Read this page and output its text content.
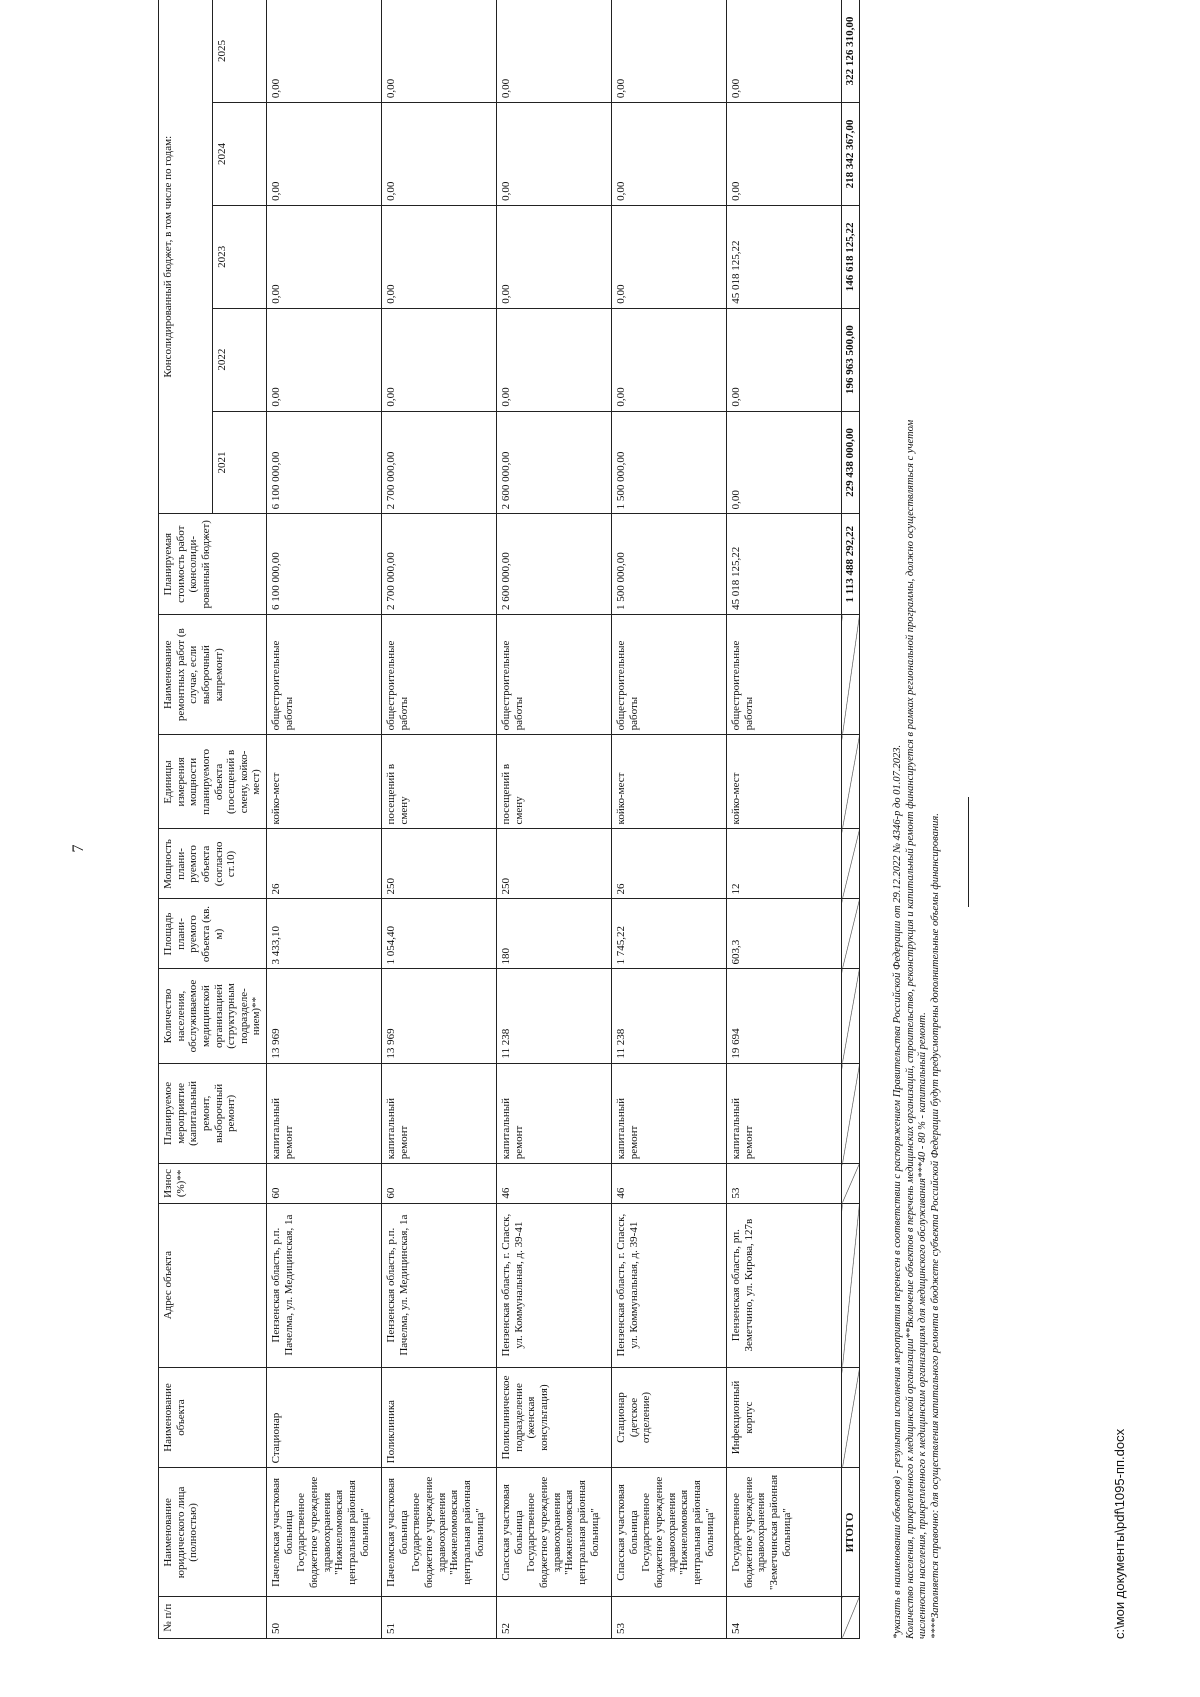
7
№ п/п	Наименование юридического лица (полностью)	Наименование объекта	Адрес объекта	Износ (%)**	Планируемое мероприятие (капитальный ремонт, выборочный ремонт)	Количество населения, обслуживаемое медицинской организацией (структурным подразделе-нием)**	Площадь плани-руемого объекта (кв. м)	Мощность плани-руемого объекта (согласно ст.10)	Единицы измерения мощности планируемого объекта (посещений в смену, койко-мест)	Наименование ремонтных работ (в случае, если выборочный капремонт)	Планируемая стоимость работ (консолиди-рованный бюджет)	Консолидированный бюджет, в том числе по годам:				
												2021	2022	2023	2024	2025
50	Пачелмская участковая больница Государственное бюджетное учреждение здравоохранения "Нижнеломовская центральная районная больница"	Стационар	Пензенская область, р.п. Пачелма, ул. Медицинская, 1а	60	капитальный ремонт	13 969	3 433,10	26	койко-мест	общестроительные работы	6 100 000,00	6 100 000,00	0,00	0,00	0,00	0,00
51	Пачелмская участковая больница Государственное бюджетное учреждение здравоохранения "Нижнеломовская центральная районная больница"	Поликлиника	Пензенская область, р.п. Пачелма, ул. Медицинская, 1а	60	капитальный ремонт	13 969	1 054,40	250	посещений в смену	общестроительные работы	2 700 000,00	2 700 000,00	0,00	0,00	0,00	0,00
52	Спасская участковая больница Государственное бюджетное учреждение здравоохранения "Нижнеломовская центральная районная больница"	Поликлиническое подразделение (женская консультация)	Пензенская область, г. Спасск, ул. Коммунальная, д. 39-41	46	капитальный ремонт	11 238	180	250	посещений в смену	общестроительные работы	2 600 000,00	2 600 000,00	0,00	0,00	0,00	0,00
53	Спасская участковая больница Государственное бюджетное учреждение здравоохранения "Нижнеломовская центральная районная больница"	Стационар (детское отделение)	Пензенская область, г. Спасск, ул. Коммунальная, д. 39-41	46	капитальный ремонт	11 238	1 745,22	26	койко-мест	общестроительные работы	1 500 000,00	1 500 000,00	0,00	0,00	0,00	0,00
54	Государственное бюджетное учреждение здравоохранения "Земетчинская районная больница"	Инфекционный корпус	Пензенская область, рп. Земетчино, ул. Кирова, 127в	53	капитальный ремонт	19 694	603,3	12	койко-мест	общестроительные работы	45 018 125,22	0,00	0,00	45 018 125,22	0,00	0,00
	ИТОГО										1 113 488 292,22	229 438 000,00	196 963 500,00	146 618 125,22	218 342 367,00	322 126 310,00
*указать в наименовании объектов) - результат исполнения мероприятия перенесен в соответствии с распоряжением Правительства Российской Федерации от 29.12.2022 № 4346-р до 01.07.2023. Количество населения, прикрепленного к медицинской организации**Включение объектов в перечень медицинских организаций, строительство, реконструкция и капитальный ремонт финансируется в рамках региональной программы, должно осуществляться с учетом численности населения, прикрепленного к медицинским организациям для медицинского обслуживания***40 - 80 % - капитальный ремонт. ****Заполняется справочно: для осуществления капитального ремонта в бюджете субъекта Российской Федерации будут предусмотрены дополнительные объемы финансирования.	c:\мои документы\pdf\1095-пп.docx
